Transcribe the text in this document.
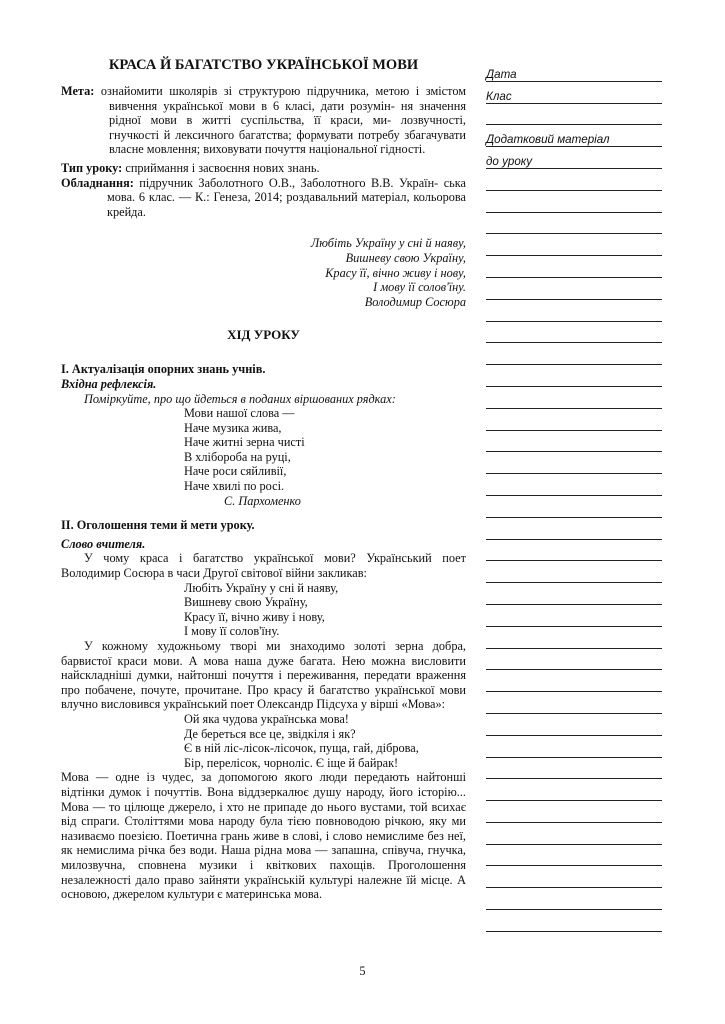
КРАСА Й БАГАТСТВО УКРАЇНСЬКОЇ МОВИ
Мета: ознайомити школярів зі структурою підручника, метою і змістом вивчення української мови в 6 класі, дати розумін- ня значення рідної мови в житті суспільства, її краси, ми- лозвучності, гнучкості й лексичного багатства; формувати потребу збагачувати власне мовлення; виховувати почуття національної гідності.
Тип уроку: сприймання і засвоєння нових знань.
Обладнання: підручник Заболотного О.В., Заболотного В.В. Україн- ська мова. 6 клас. — К.: Генеза, 2014; роздавальний матеріал, кольорова крейда.
Любіть Україну у сні й наяву,
Вишневу свою Україну,
Красу її, вічно живу і нову,
І мову її солов'їну.
Володимир Сосюра
ХІД УРОКУ
I. Актуалізація опорних знань учнів.
Вхідна рефлексія.
Поміркуйте, про що йдеться в поданих віршованих рядках:
Мови нашої слова —
Наче музика жива,
Наче житні зерна чисті
В хлібороба на руці,
Наче роси сяйливії,
Наче хвилі по росі.
С. Пархоменко
II. Оголошення теми й мети уроку.
Слово вчителя.
У чому краса і багатство української мови? Український поет Володимир Сосюра в часи Другої світової війни закликав:
Любіть Україну у сні й наяву,
Вишневу свою Україну,
Красу її, вічно живу і нову,
І мову її солов'їну.
У кожному художньому творі ми знаходимо золоті зерна добра, барвистої краси мови. А мова наша дуже багата. Нею можна висловити найскладніші думки, найтонші почуття і переживання, передати враження про побачене, почуте, прочитане. Про красу й багатство української мови влучно висловився український поет Олександр Підсуха у вірші «Мова»:
Ой яка чудова українська мова!
Де береться все це, звідкіля і як?
Є в ній ліс-лісок-лісочок, пуща, гай, діброва,
Бір, перелісок, чорноліс. Є іще й байрак!
Мова — одне із чудес, за допомогою якого люди передають найтонші відтінки думок і почуттів. Вона віддзеркалює душу народу, його історію... Мова — то цілюще джерело, і хто не припаде до нього вустами, той всихає від спраги. Століттями мова народу була тією повноводою річкою, яку ми називаємо поезією. Поетична грань живе в слові, і слово немислиме без неї, як немислима річка без води. Наша рідна мова — запашна, співуча, гнучка, милозвучна, сповнена музики і квіткових пахощів. Проголошення незалежності дало право зайняти українській культурі належне їй місце. А основою, джерелом культури є материнська мова.
Дата
Клас
Додатковий матеріал
до уроку
5
